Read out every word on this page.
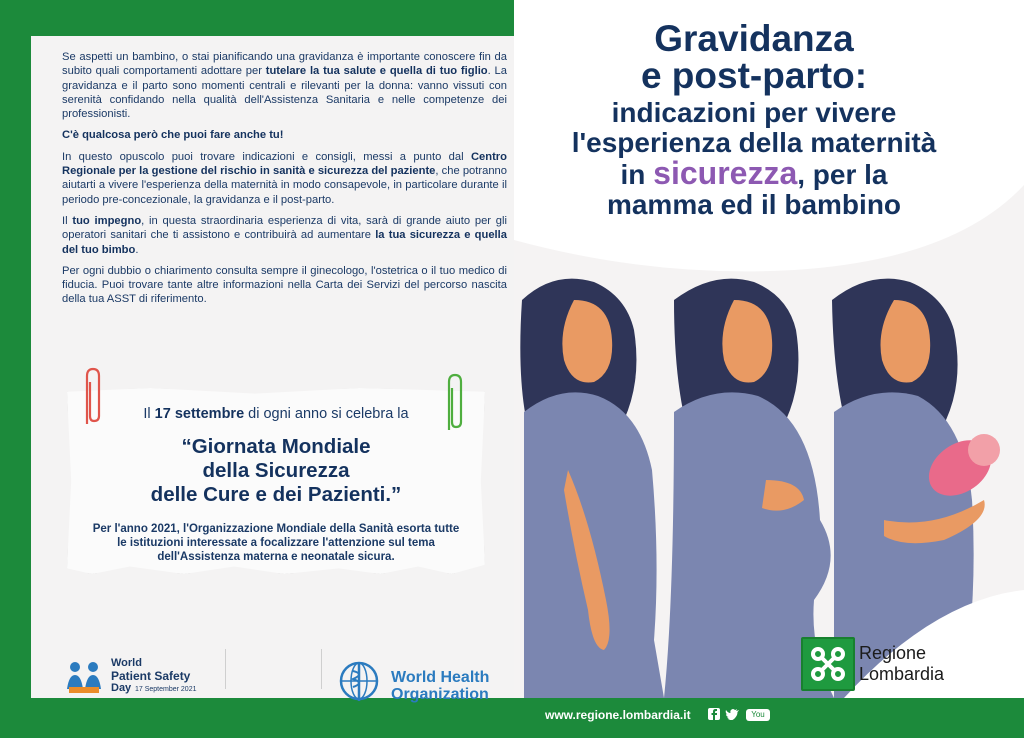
Se aspetti un bambino, o stai pianificando una gravidanza è importante conoscere fin da subito quali comportamenti adottare per tutelare la tua salute e quella di tuo figlio. La gravidanza e il parto sono momenti centrali e rilevanti per la donna: vanno vissuti con serenità confidando nella qualità dell'Assistenza Sanitaria e nelle competenze dei professionisti.

C'è qualcosa però che puoi fare anche tu!

In questo opuscolo puoi trovare indicazioni e consigli, messi a punto dal Centro Regionale per la gestione del rischio in sanità e sicurezza del paziente, che potranno aiutarti a vivere l'esperienza della maternità in modo consapevole, in particolare durante il periodo pre-concezionale, la gravidanza e il post-parto.

Il tuo impegno, in questa straordinaria esperienza di vita, sarà di grande aiuto per gli operatori sanitari che ti assistono e contribuirà ad aumentare la tua sicurezza e quella del tuo bimbo.

Per ogni dubbio o chiarimento consulta sempre il ginecologo, l'ostetrica o il tuo medico di fiducia. Puoi trovare tante altre informazioni nella Carta dei Servizi del percorso nascita della tua ASST di riferimento.

Il 17 settembre di ogni anno si celebra la
“Giornata Mondiale
della Sicurezza
delle Cure e dei Pazienti.”
Per l'anno 2021, l'Organizzazione Mondiale della Sanità esorta tutte le istituzioni interessate a focalizzare l'attenzione sul tema dell'Assistenza materna e neonatale sicura.
World
Patient Safety
Day 17 September 2021
World Health
Organization
Gravidanza
e post-parto:
indicazioni per vivere
l'esperienza della maternità
in sicurezza, per la
mamma ed il bambino
Regione
Lombardia
www.regione.lombardia.it	You Tube
